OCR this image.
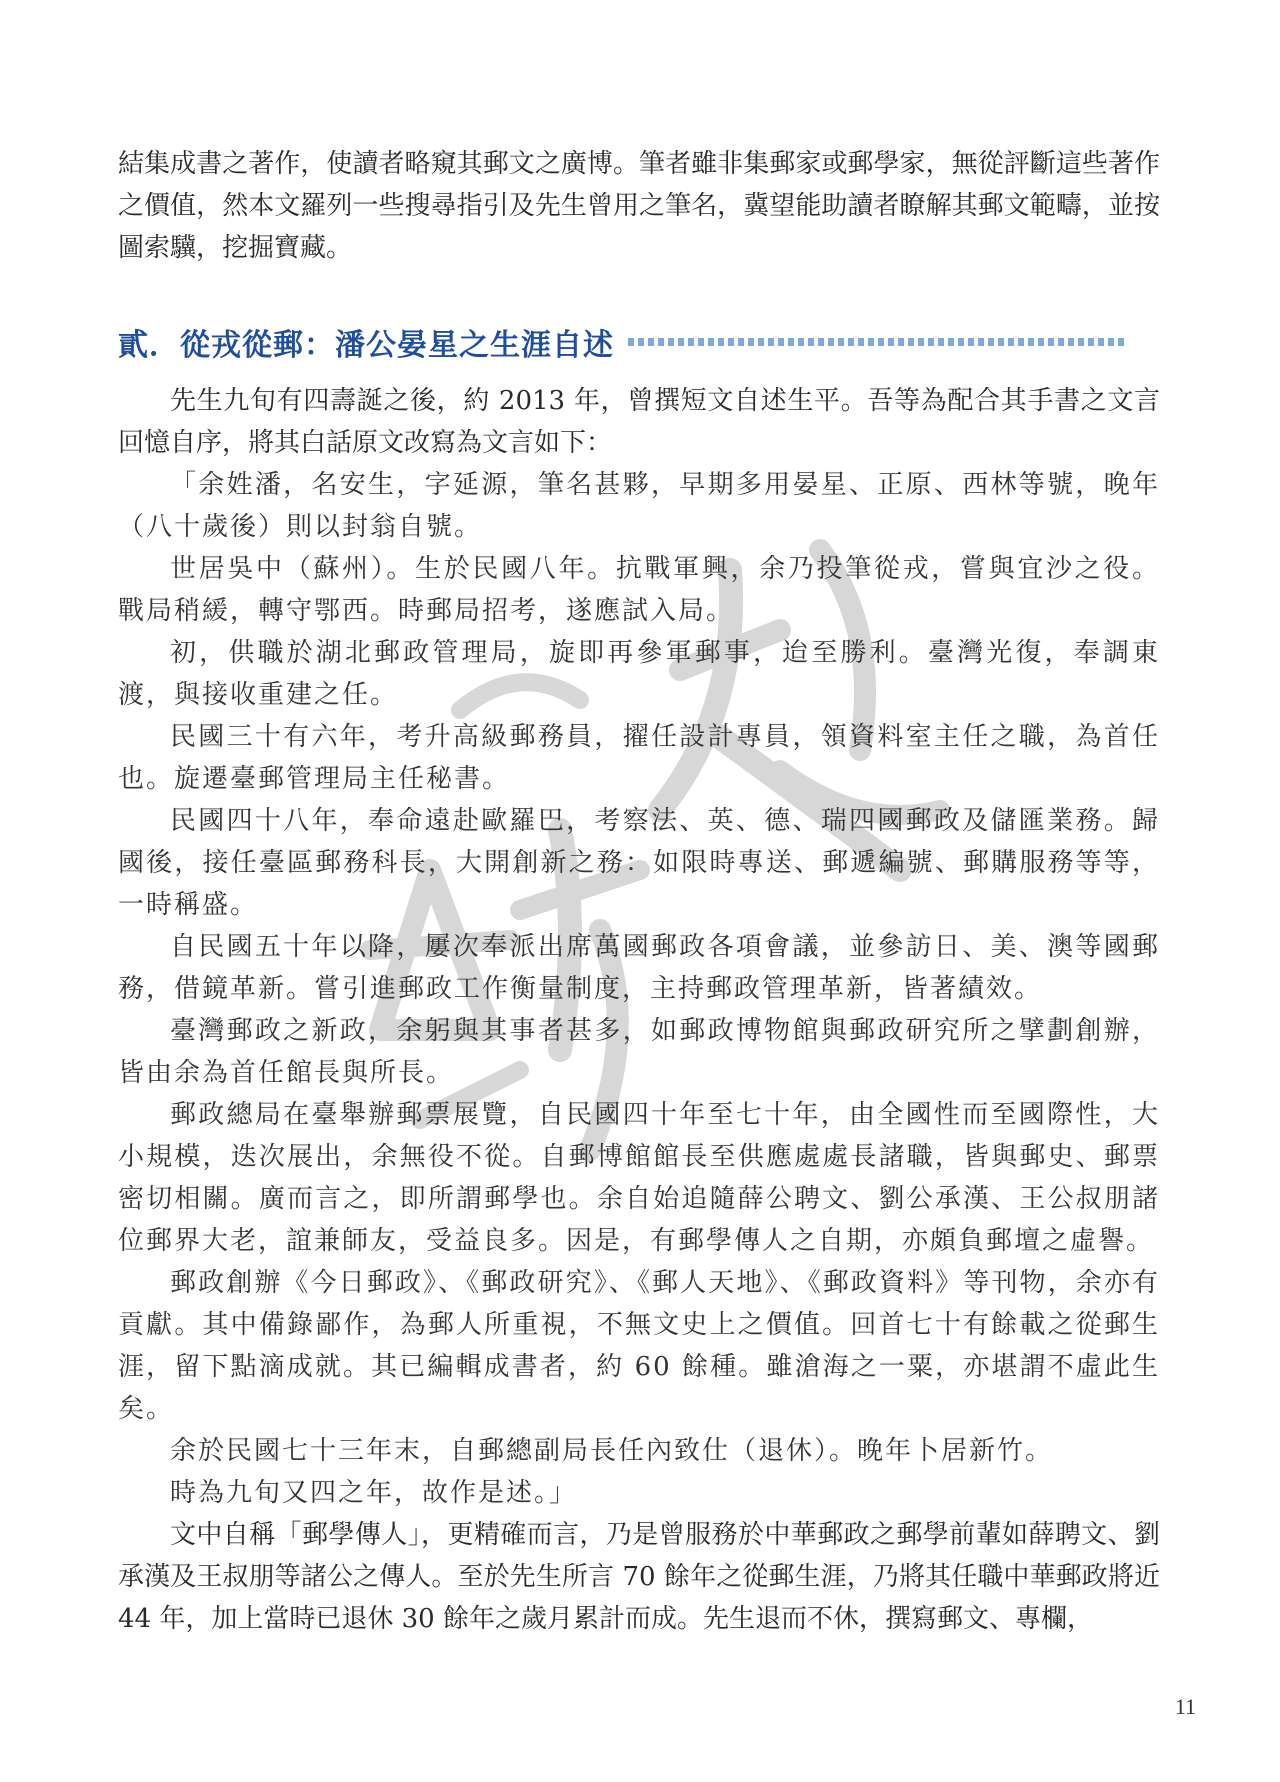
結集成書之著作，使讀者略窺其郵文之廣博。筆者雖非集郵家或郵學家，無從評斷這些著作之價值，然本文羅列一些搜尋指引及先生曾用之筆名，冀望能助讀者瞭解其郵文範疇，並按圖索驥，挖掘寶藏。

貳．從戎從郵：潘公晏星之生涯自述

先生九旬有四壽誕之後，約 2013 年，曾撰短文自述生平。吾等為配合其手書之文言回憶自序，將其白話原文改寫為文言如下：

「余姓潘，名安生，字延源，筆名甚夥，早期多用晏星、正原、西林等號，晚年（八十歲後）則以封翁自號。

世居吳中（蘇州）。生於民國八年。抗戰軍興，余乃投筆從戎，嘗與宜沙之役。戰局稍緩，轉守鄂西。時郵局招考，遂應試入局。

初，供職於湖北郵政管理局，旋即再參軍郵事，迨至勝利。臺灣光復，奉調東渡，與接收重建之任。

民國三十有六年，考升高級郵務員，擢任設計專員，領資料室主任之職，為首任也。旋遷臺郵管理局主任秘書。

民國四十八年，奉命遠赴歐羅巴，考察法、英、德、瑞四國郵政及儲匯業務。歸國後，接任臺區郵務科長，大開創新之務：如限時專送、郵遞編號、郵購服務等等，一時稱盛。

自民國五十年以降，屢次奉派出席萬國郵政各項會議，並參訪日、美、澳等國郵務，借鏡革新。嘗引進郵政工作衡量制度，主持郵政管理革新，皆著績效。

臺灣郵政之新政，余躬與其事者甚多，如郵政博物館與郵政研究所之擘劃創辦，皆由余為首任館長與所長。

郵政總局在臺舉辦郵票展覽，自民國四十年至七十年，由全國性而至國際性，大小規模，迭次展出，余無役不從。自郵博館館長至供應處處長諸職，皆與郵史、郵票密切相關。廣而言之，即所謂郵學也。余自始追隨薛公聘文、劉公承漢、王公叔朋諸位郵界大老，誼兼師友，受益良多。因是，有郵學傳人之自期，亦頗負郵壇之虛譽。

郵政創辦《今日郵政》、《郵政研究》、《郵人天地》、《郵政資料》等刊物，余亦有貢獻。其中備錄鄙作，為郵人所重視，不無文史上之價值。回首七十有餘載之從郵生涯，留下點滴成就。其已編輯成書者，約 60 餘種。雖滄海之一粟，亦堪謂不虛此生矣。

余於民國七十三年末，自郵總副局長任內致仕（退休）。晚年卜居新竹。

時為九旬又四之年，故作是述。」

文中自稱「郵學傳人」，更精確而言，乃是曾服務於中華郵政之郵學前輩如薛聘文、劉承漢及王叔朋等諸公之傳人。至於先生所言 70 餘年之從郵生涯，乃將其任職中華郵政將近 44 年，加上當時已退休 30 餘年之歲月累計而成。先生退而不休，撰寫郵文、專欄，

11
